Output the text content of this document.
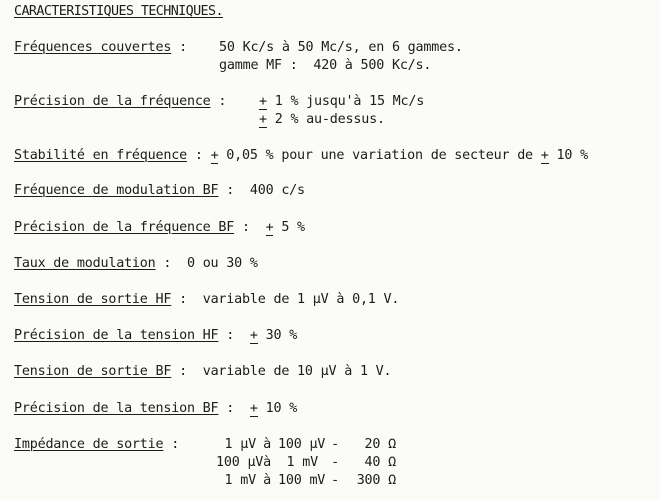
CARACTERISTIQUES TECHNIQUES.
Fréquences couvertes : 50 Kc/s à 50 Mc/s, en 6 gammes.
gamme MF :  420 à 500 Kc/s.
Précision de la fréquence : + 1 % jusqu'à 15 Mc/s
+ 2 % au-dessus.
Stabilité en fréquence : + 0,05 % pour une variation de secteur de + 10 %
Fréquence de modulation BF :  400 c/s
Précision de la fréquence BF :  + 5 %
Taux de modulation :  0 ou 30 %
Tension de sortie HF :  variable de 1 µV à 0,1 V.
Précision de la tension HF :  + 30 %
Tension de sortie BF :  variable de 10 µV à 1 V.
Précision de la tension BF :  + 10 %
Impédance de sortie :	1 µV à 100 µV - 20 Ω
100 µVà 1 mV - 40 Ω
1 mV à 100 mV - 300 Ω
